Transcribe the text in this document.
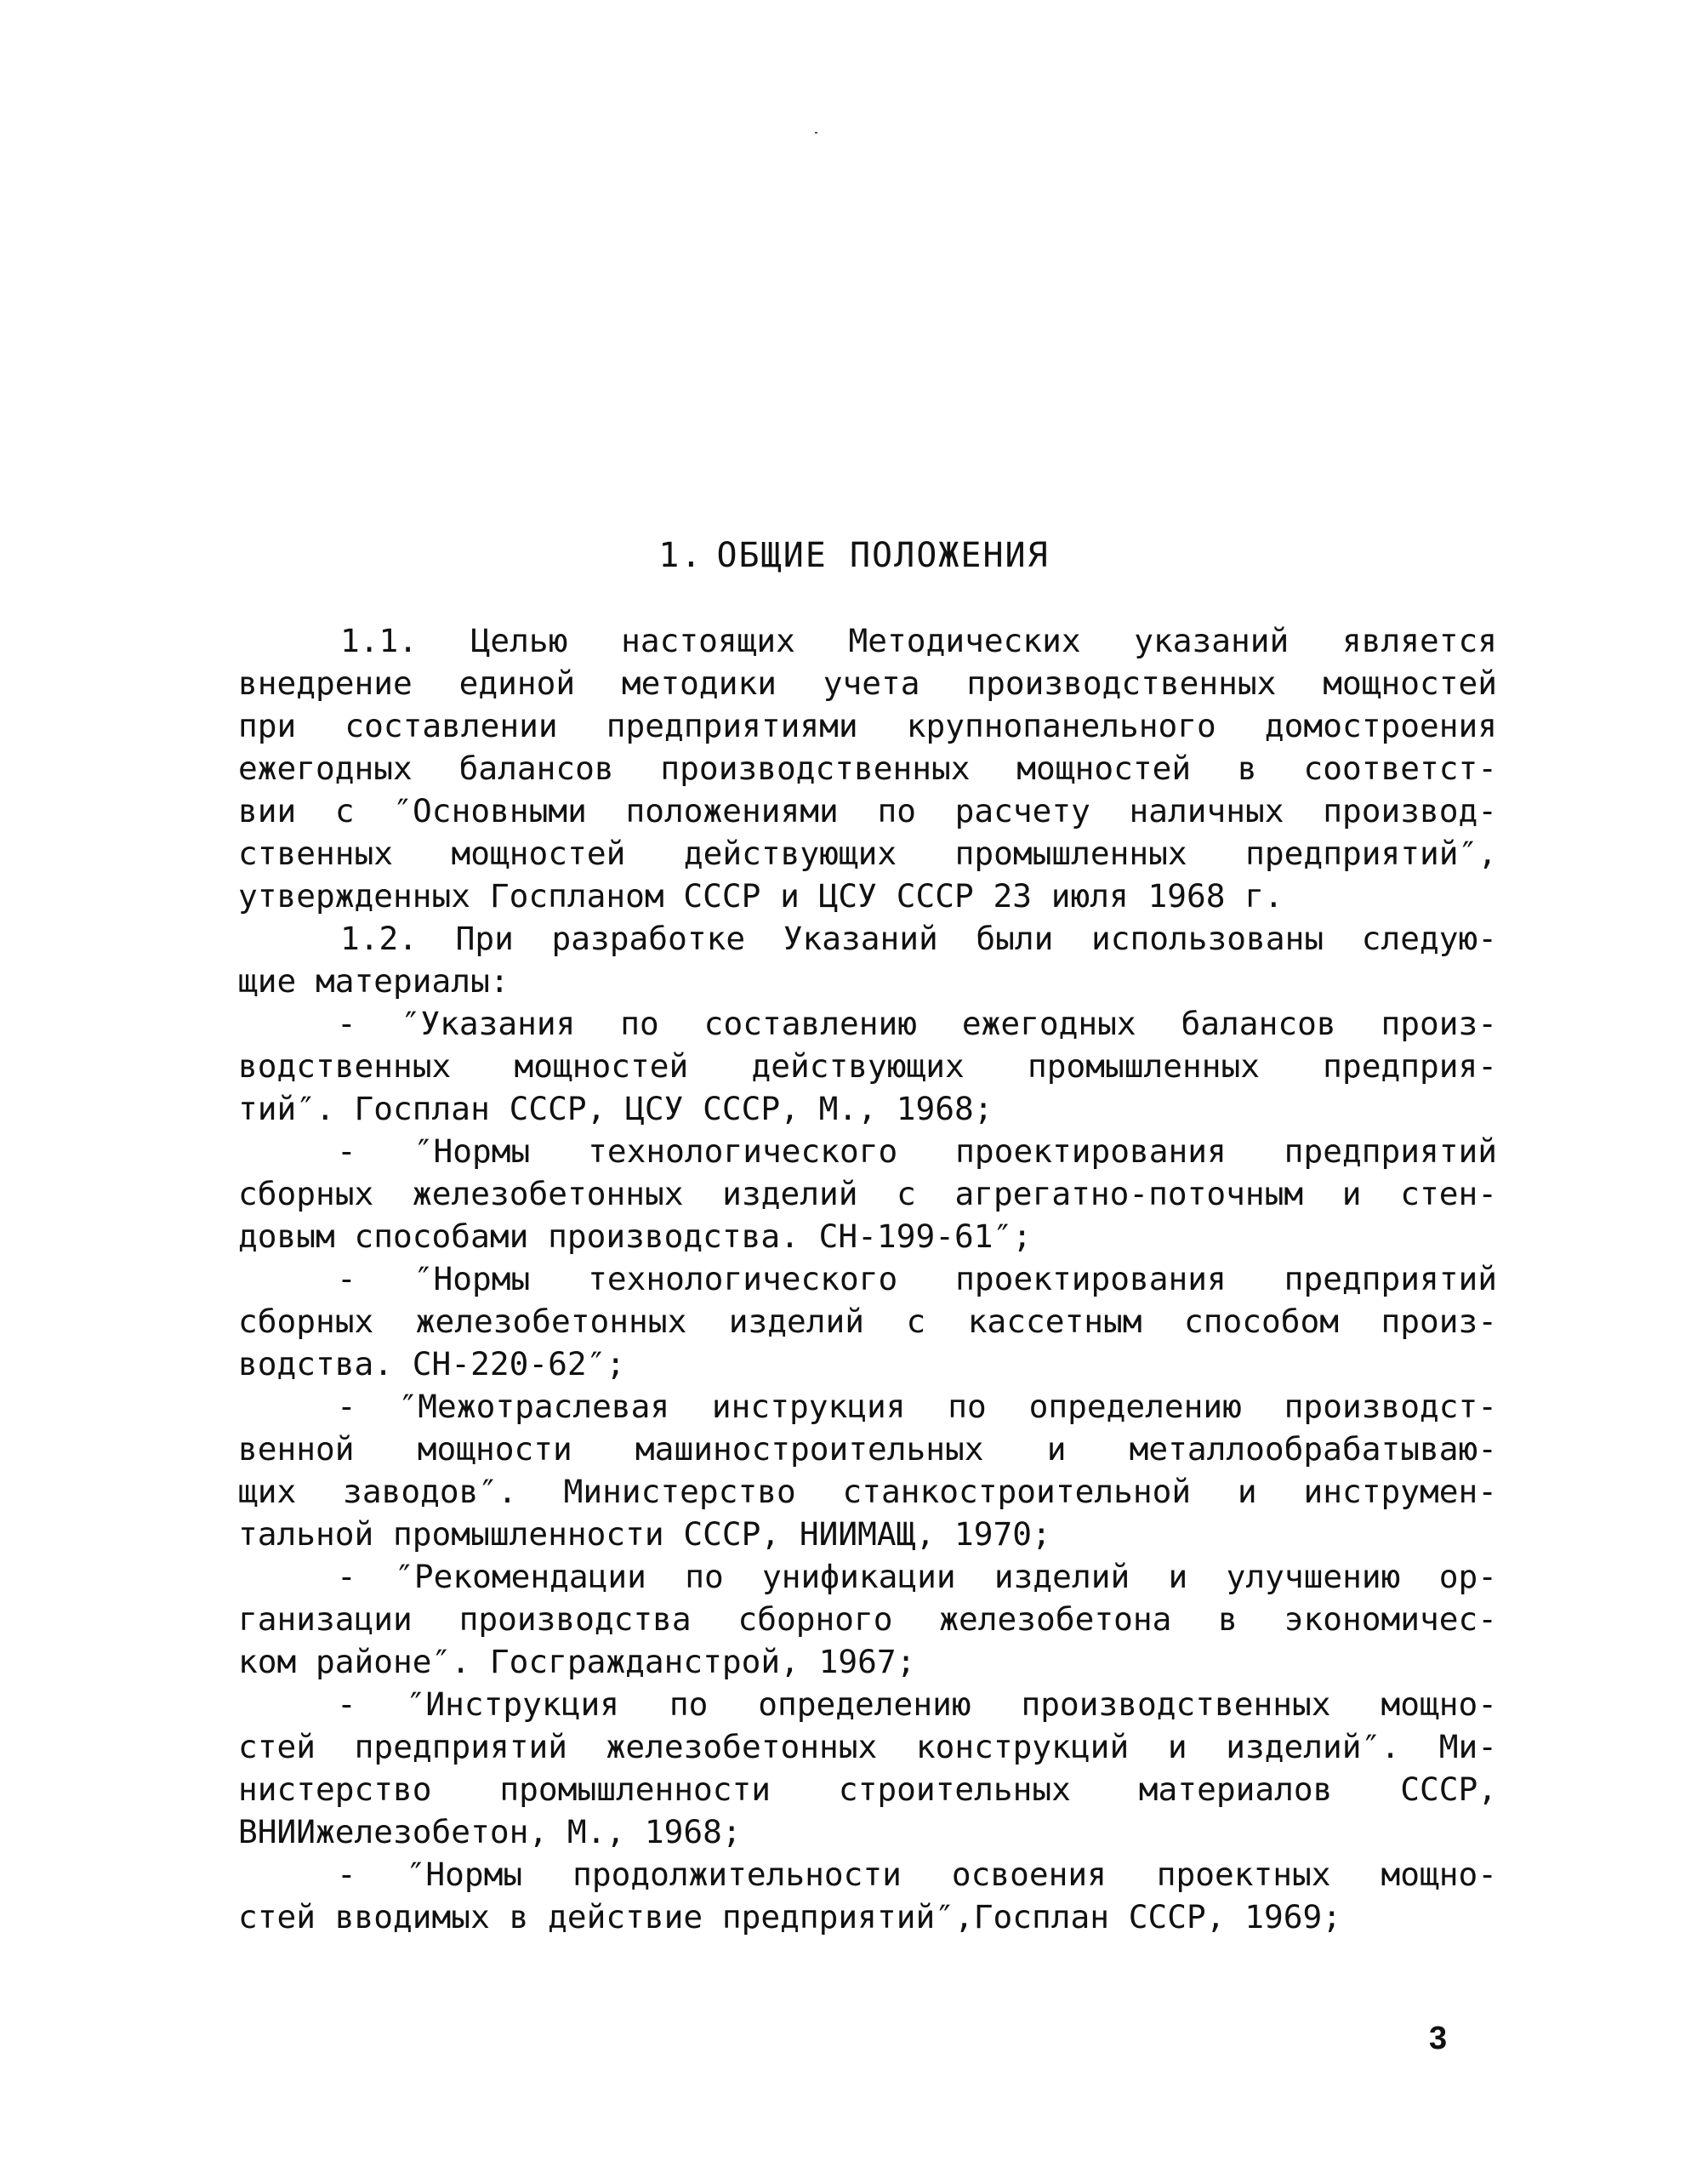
1. ОБЩИЕ ПОЛОЖЕНИЯ
1.1. Целью настоящих Методических указаний является
внедрение единой методики учета производственных мощностей
при составлении предприятиями крупнопанельного домостроения
ежегодных балансов производственных мощностей в соответст-
вии с ″Основными положениями по расчету наличных производ-
ственных мощностей действующих промышленных предприятий″,
утвержденных Госпланом СССР и ЦСУ СССР 23 июля 1968 г.
1.2. При разработке Указаний были использованы следую-
щие материалы:
- ″Указания по составлению ежегодных балансов произ-
водственных мощностей действующих промышленных предприя-
тий″. Госплан СССР, ЦСУ СССР, М., 1968;
- ″Нормы технологического проектирования предприятий
сборных железобетонных изделий с агрегатно-поточным и стен-
довым способами производства. СН-199-61″;
- ″Нормы технологического проектирования предприятий
сборных железобетонных изделий с кассетным способом произ-
водства. СН-220-62″;
- ″Межотраслевая инструкция по определению производст-
венной мощности машиностроительных и металлообрабатываю-
щих заводов″. Министерство станкостроительной и инструмен-
тальной промышленности СССР, НИИМАЩ, 1970;
- ″Рекомендации по унификации изделий и улучшению ор-
ганизации производства сборного железобетона в экономичес-
ком районе″. Госгражданстрой, 1967;
- ″Инструкция по определению производственных мощно-
стей предприятий железобетонных конструкций и изделий″. Ми-
нистерство промышленности строительных материалов СССР,
ВНИИжелезобетон, М., 1968;
- ″Нормы продолжительности освоения проектных мощно-
стей вводимых в действие предприятий″,Госплан СССР, 1969;
3
